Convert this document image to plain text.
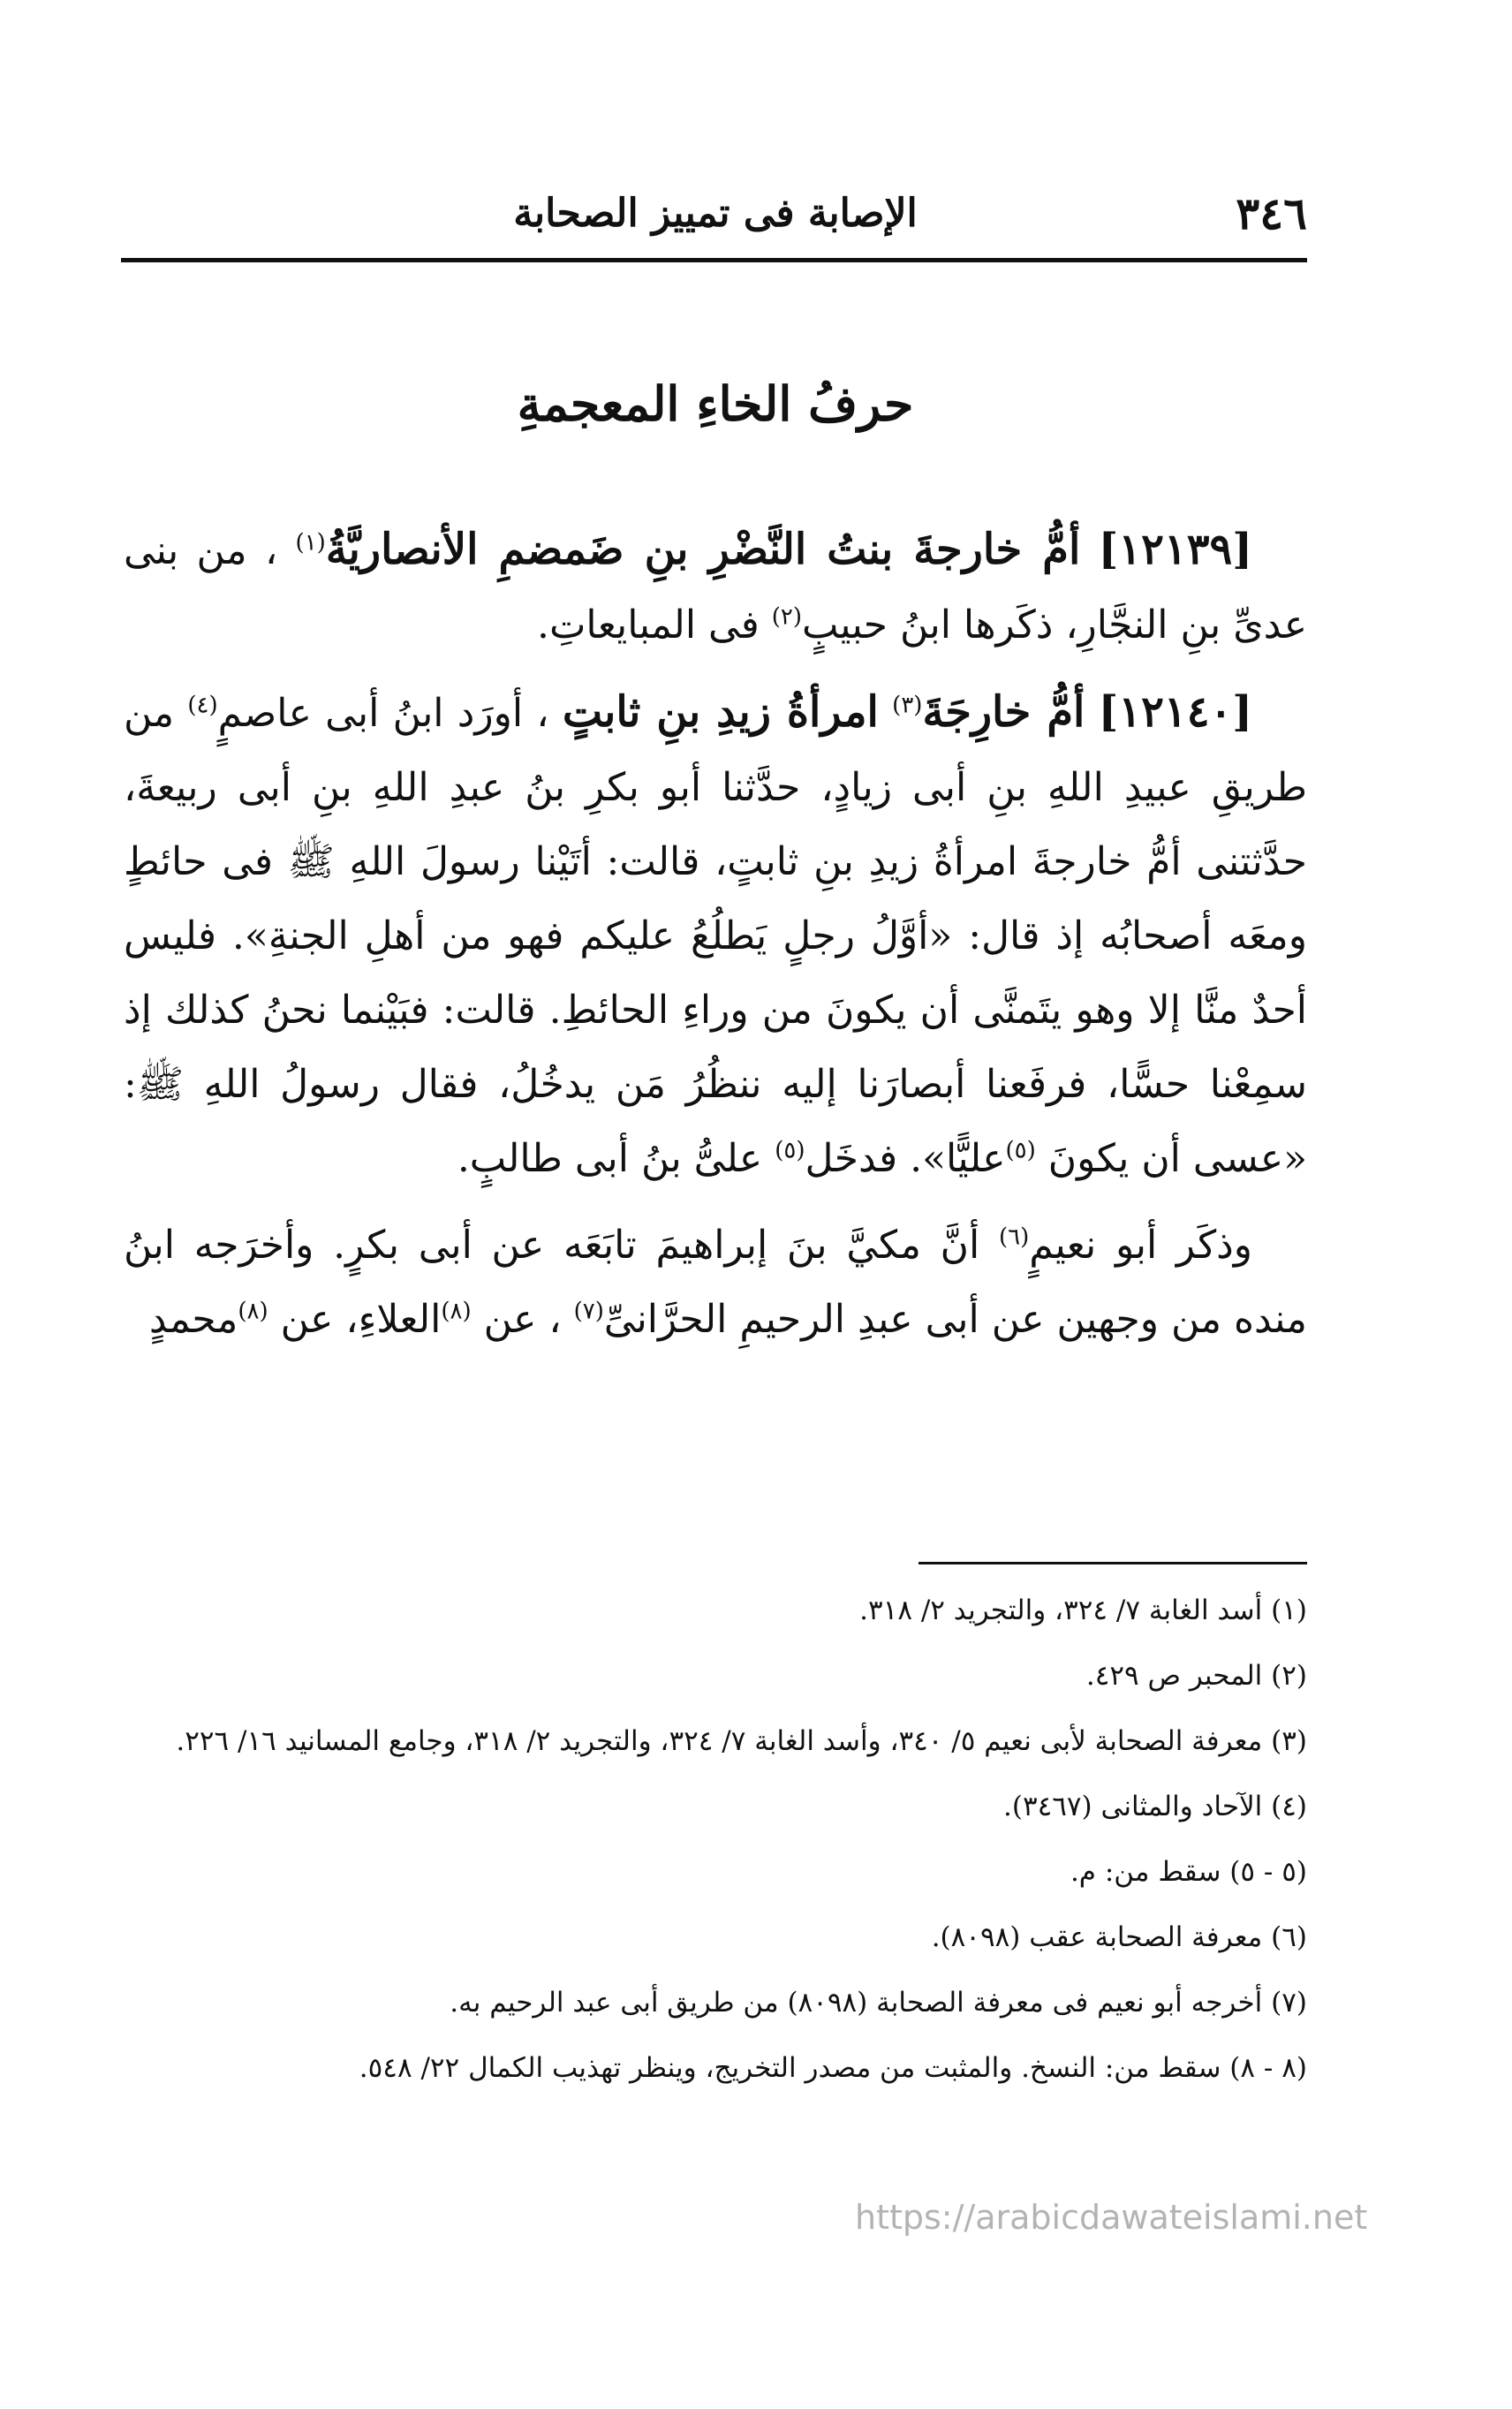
٣٤٦
الإصابة فى تمييز الصحابة
حرفُ الخاءِ المعجمةِ

[١٢١٣٩] أمُّ خارجةَ بنتُ النَّضْرِ بنِ ضَمضمِ الأنصاريَّةُ$^{(١)}$ ، من بنى عدىِّ بنِ النجَّارِ، ذكَرها ابنُ حبيبٍ$^{(٢)}$ فى المبايعاتِ.

[١٢١٤٠] أمُّ خارِجَةَ$^{(٣)}$ امرأةُ زيدِ بنِ ثابتٍ ، أورَد ابنُ أبى عاصمٍ$^{(٤)}$ من طريقِ عبيدِ اللهِ بنِ أبى زيادٍ، حدَّثنا أبو بكرِ بنُ عبدِ اللهِ بنِ أبى ربيعةَ، حدَّثتنى أمُّ خارجةَ امرأةُ زيدِ بنِ ثابتٍ، قالت: أتَيْنا رسولَ اللهِ ﷺ فى حائطٍ ومعَه أصحابُه إذ قال: «أوَّلُ رجلٍ يَطلُعُ عليكم فهو من أهلِ الجنةِ». فليس أحدٌ منَّا إلا وهو يتَمنَّى أن يكونَ من وراءِ الحائطِ. قالت: فبَيْنما نحنُ كذلك إذ سمِعْنا حسًّا، فرفَعنا أبصارَنا إليه ننظُرُ مَن يدخُلُ، فقال رسولُ اللهِ ﷺ: «عسى أن يكونَ $^{(٥)}$عليًّا». فدخَل$^{(٥)}$ علىُّ بنُ أبى طالبٍ.

وذكَر أبو نعيمٍ$^{(٦)}$ أنَّ مكيَّ بنَ إبراهيمَ تابَعَه عن أبى بكرٍ. وأخرَجه ابنُ منده من وجهين عن أبى عبدِ الرحيمِ الحرَّانىِّ$^{(٧)}$ ، عن $^{(٨)}$العلاءِ، عن $^{(٨)}$محمدٍ

(١) أسد الغابة ٧/ ٣٢٤، والتجريد ٢/ ٣١٨.
(٢) المحبر ص ٤٢٩.
(٣) معرفة الصحابة لأبى نعيم ٥/ ٣٤٠، وأسد الغابة ٧/ ٣٢٤، والتجريد ٢/ ٣١٨، وجامع المسانيد ١٦/ ٢٢٦.
(٤) الآحاد والمثانى (٣٤٦٧).
(٥ - ٥) سقط من: م.
(٦) معرفة الصحابة عقب (٨٠٩٨).
(٧) أخرجه أبو نعيم فى معرفة الصحابة (٨٠٩٨) من طريق أبى عبد الرحيم به.
(٨ - ٨) سقط من: النسخ. والمثبت من مصدر التخريج، وينظر تهذيب الكمال ٢٢/ ٥٤٨.
https://arabicdawateislami.net
